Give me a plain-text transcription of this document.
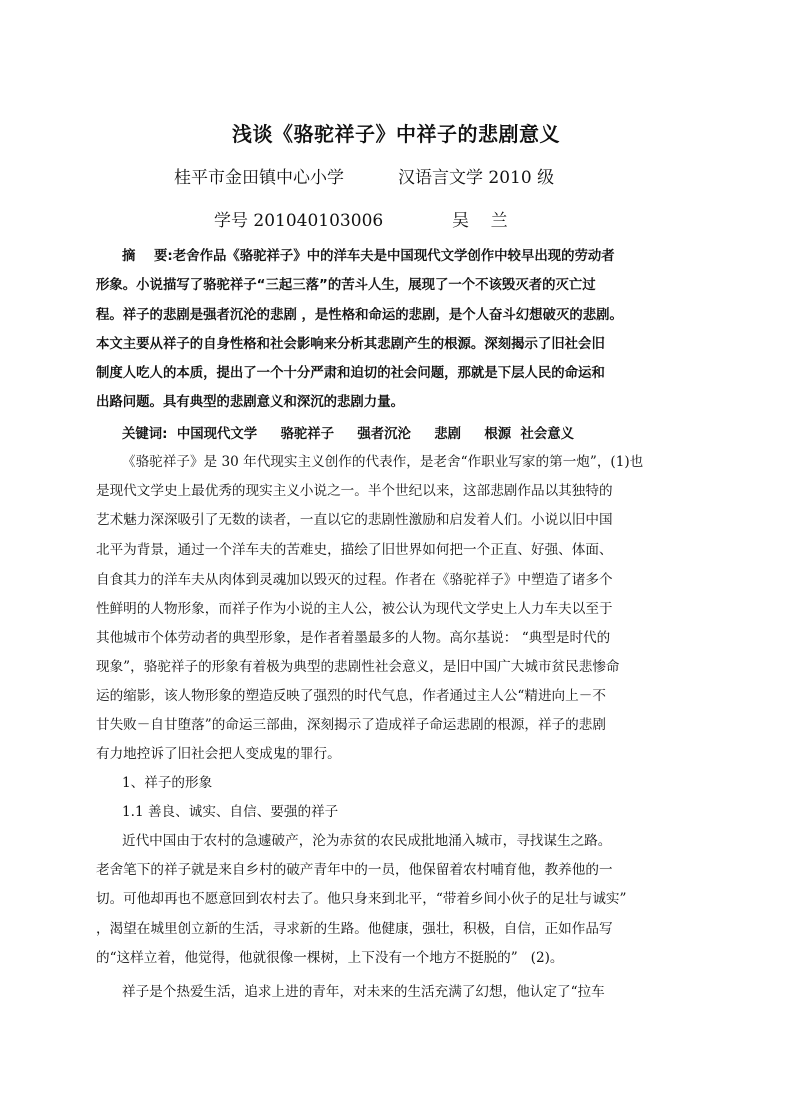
浅谈《骆驼祥子》中祥子的悲剧意义
桂平市金田镇中心小学	汉语言文学 2010 级
学号 201040103006	吴    兰
摘    要:老舍作品《骆驼祥子》中的洋车夫是中国现代文学创作中较早出现的劳动者
形象。小说描写了骆驼祥子“三起三落”的苦斗人生，展现了一个不该毁灭者的灭亡过
程。祥子的悲剧是强者沉沦的悲剧 ，是性格和命运的悲剧，是个人奋斗幻想破灭的悲剧。
本文主要从祥子的自身性格和社会影响来分析其悲剧产生的根源。深刻揭示了旧社会旧
制度人吃人的本质，提出了一个十分严肃和迫切的社会问题，那就是下层人民的命运和
出路问题。具有典型的悲剧意义和深沉的悲剧力量。
关键词:  中国现代文学     骆驼祥子     强者沉沦     悲剧     根源  社会意义
《骆驼祥子》是 30 年代现实主义创作的代表作，是老舍“作职业写家的第一炮”，(1)也
是现代文学史上最优秀的现实主义小说之一。半个世纪以来，这部悲剧作品以其独特的
艺术魅力深深吸引了无数的读者，一直以它的悲剧性激励和启发着人们。小说以旧中国
北平为背景，通过一个洋车夫的苦难史，描绘了旧世界如何把一个正直、好强、体面、
自食其力的洋车夫从肉体到灵魂加以毁灭的过程。作者在《骆驼祥子》中塑造了诸多个
性鲜明的人物形象，而祥子作为小说的主人公，被公认为现代文学史上人力车夫以至于
其他城市个体劳动者的典型形象，是作者着墨最多的人物。高尔基说： “典型是时代的
现象”，骆驼祥子的形象有着极为典型的悲剧性社会意义，是旧中国广大城市贫民悲惨命
运的缩影，该人物形象的塑造反映了强烈的时代气息，作者通过主人公“精进向上－不
甘失败－自甘堕落”的命运三部曲，深刻揭示了造成祥子命运悲剧的根源，祥子的悲剧
有力地控诉了旧社会把人变成鬼的罪行。
1、祥子的形象
1.1 善良、诚实、自信、要强的祥子
近代中国由于农村的急遽破产，沦为赤贫的农民成批地涌入城市，寻找谋生之路。
老舍笔下的祥子就是来自乡村的破产青年中的一员，他保留着农村哺育他，教养他的一
切。可他却再也不愿意回到农村去了。他只身来到北平，“带着乡间小伙子的足壮与诚实”
，渴望在城里创立新的生活，寻求新的生路。他健康，强壮，积极，自信，正如作品写
的“这样立着，他觉得，他就很像一棵树，上下没有一个地方不挺脱的”   (2)。
祥子是个热爱生活，追求上进的青年，对未来的生活充满了幻想，他认定了“拉车
